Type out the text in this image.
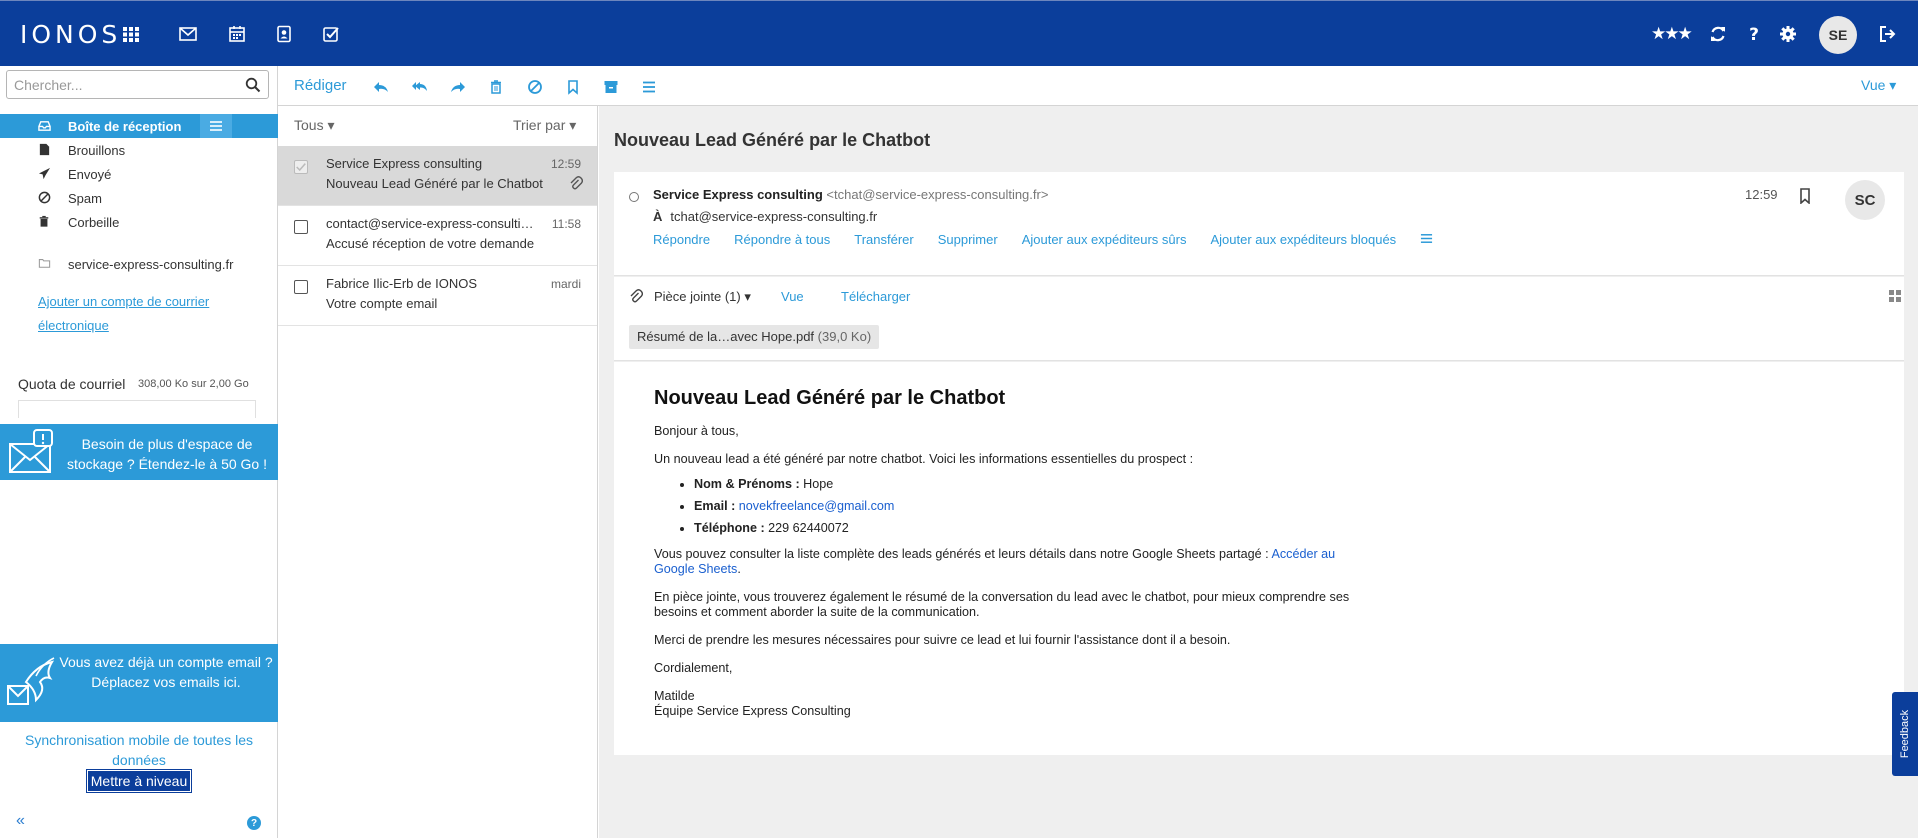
IONOS	★★★	?	SE
Chercher...
Boîte de réception
Brouillons
Envoyé
Spam
Corbeille
service-express-consulting.fr
Ajouter un compte de courrier électronique
Quota de courriel	308,00 Ko sur 2,00 Go
Besoin de plus d'espace de stockage ? Étendez-le à 50 Go !
Vous avez déjà un compte email ?
Déplacez vos emails ici.
Synchronisation mobile de toutes les données
Mettre à niveau
«	?
Rédiger	Vue ▾
Tous ▾	Trier par ▾
Service Express consulting
Nouveau Lead Généré par le Chatbot
12:59
contact@service-express-consulti…
Accusé réception de votre demande
11:58
Fabrice Ilic-Erb de IONOS
Votre compte email
mardi
Nouveau Lead Généré par le Chatbot
Service Express consulting <tchat@service-express-consulting.fr>
À tchat@service-express-consulting.fr
Répondre Répondre à tous Transférer Supprimer Ajouter aux expéditeurs sûrs Ajouter aux expéditeurs bloqués
12:59	SC
Pièce jointe (1) ▾ Vue	Télécharger
Résumé de la…avec Hope.pdf (39,0 Ko)
Nouveau Lead Généré par le Chatbot

Bonjour à tous,

Un nouveau lead a été généré par notre chatbot. Voici les informations essentielles du prospect :

• Nom & Prénoms : Hope
• Email : novekfreelance@gmail.com
• Téléphone : 229 62440072

Vous pouvez consulter la liste complète des leads générés et leurs détails dans notre Google Sheets partagé : Accéder au Google Sheets.

En pièce jointe, vous trouverez également le résumé de la conversation du lead avec le chatbot, pour mieux comprendre ses besoins et comment aborder la suite de la communication.

Merci de prendre les mesures nécessaires pour suivre ce lead et lui fournir l'assistance dont il a besoin.

Cordialement,

Matilde
Équipe Service Express Consulting	Feedback
